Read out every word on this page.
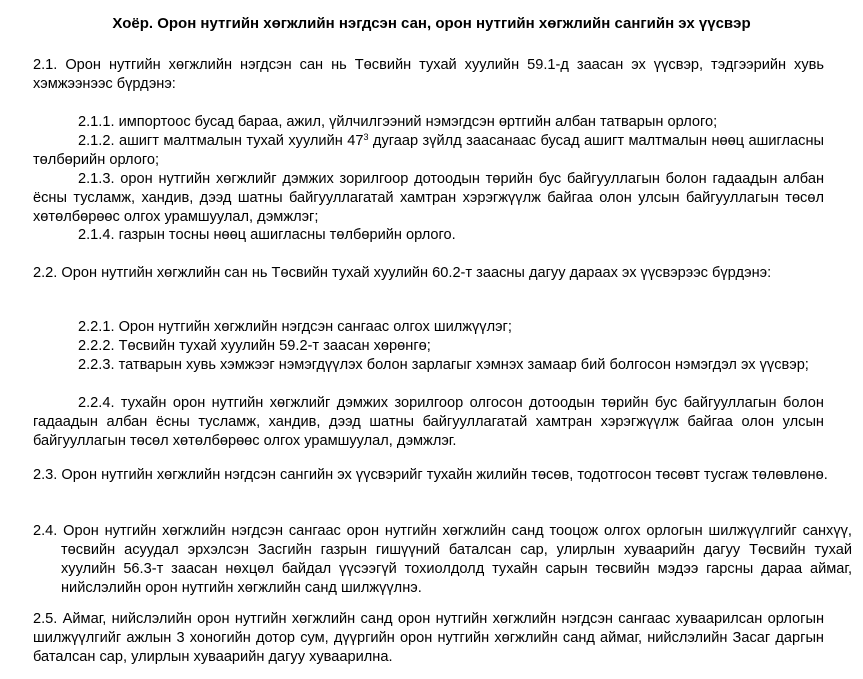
Хоёр. Орон нутгийн хөгжлийн нэгдсэн сан, орон нутгийн хөгжлийн сангийн эх үүсвэр

2.1. Орон нутгийн хөгжлийн нэгдсэн сан нь Төсвийн тухай хуулийн 59.1-д заасан эх үүсвэр, тэдгээрийн хувь хэмжээнээс бүрдэнэ:

2.1.1. импортоос бусад бараа, ажил, үйлчилгээний нэмэгдсэн өртгийн албан татварын орлого;

2.1.2. ашигт малтмалын тухай хуулийн $47^3$ дугаар зүйлд заасанаас бусад ашигт малтмалын нөөц ашигласны төлбөрийн орлого;

2.1.3. орон нутгийн хөгжлийг дэмжих зорилгоор дотоодын төрийн бус байгууллагын болон гадаадын албан ёсны тусламж, хандив, дээд шатны байгууллагатай хамтран хэрэгжүүлж байгаа олон улсын байгууллагын төсөл хөтөлбөрөөс олгох урамшуулал, дэмжлэг;

2.1.4. газрын тосны нөөц ашигласны төлбөрийн орлого.

2.2. Орон нутгийн хөгжлийн сан нь Төсвийн тухай хуулийн 60.2-т заасны дагуу дараах эх үүсвэрээс бүрдэнэ:

2.2.1. Орон нутгийн хөгжлийн нэгдсэн сангаас олгох шилжүүлэг;

2.2.2. Төсвийн тухай хуулийн 59.2-т заасан хөрөнгө;

2.2.3. татварын хувь хэмжээг нэмэгдүүлэх болон зарлагыг хэмнэх замаар бий болгосон нэмэгдэл эх үүсвэр;

2.2.4. тухайн орон нутгийн хөгжлийг дэмжих зорилгоор олгосон дотоодын төрийн бус байгууллагын болон гадаадын албан ёсны тусламж, хандив, дээд шатны байгууллагатай хамтран хэрэгжүүлж байгаа олон улсын байгууллагын төсөл хөтөлбөрөөс олгох урамшуулал, дэмжлэг.

2.3. Орон нутгийн хөгжлийн нэгдсэн сангийн эх үүсвэрийг тухайн жилийн төсөв, тодотгосон төсөвт тусгаж төлөвлөнө.

2.4. Орон нутгийн хөгжлийн нэгдсэн сангаас орон нутгийн хөгжлийн санд тооцож олгох орлогын шилжүүлгийг санхүү, төсвийн асуудал эрхэлсэн Засгийн газрын гишүүний баталсан сар, улирлын хуваарийн дагуу Төсвийн тухай хуулийн 56.3-т заасан нөхцөл байдал үүсээгүй тохиолдолд тухайн сарын төсвийн мэдээ гарсны дараа аймаг, нийслэлийн орон нутгийн хөгжлийн санд шилжүүлнэ.

2.5. Аймаг, нийслэлийн орон нутгийн хөгжлийн санд орон нутгийн хөгжлийн нэгдсэн сангаас хуваарилсан орлогын шилжүүлгийг ажлын 3 хоногийн дотор сум, дүүргийн орон нутгийн хөгжлийн санд аймаг, нийслэлийн Засаг даргын баталсан сар, улирлын хуваарийн дагуу хуваарилна.
